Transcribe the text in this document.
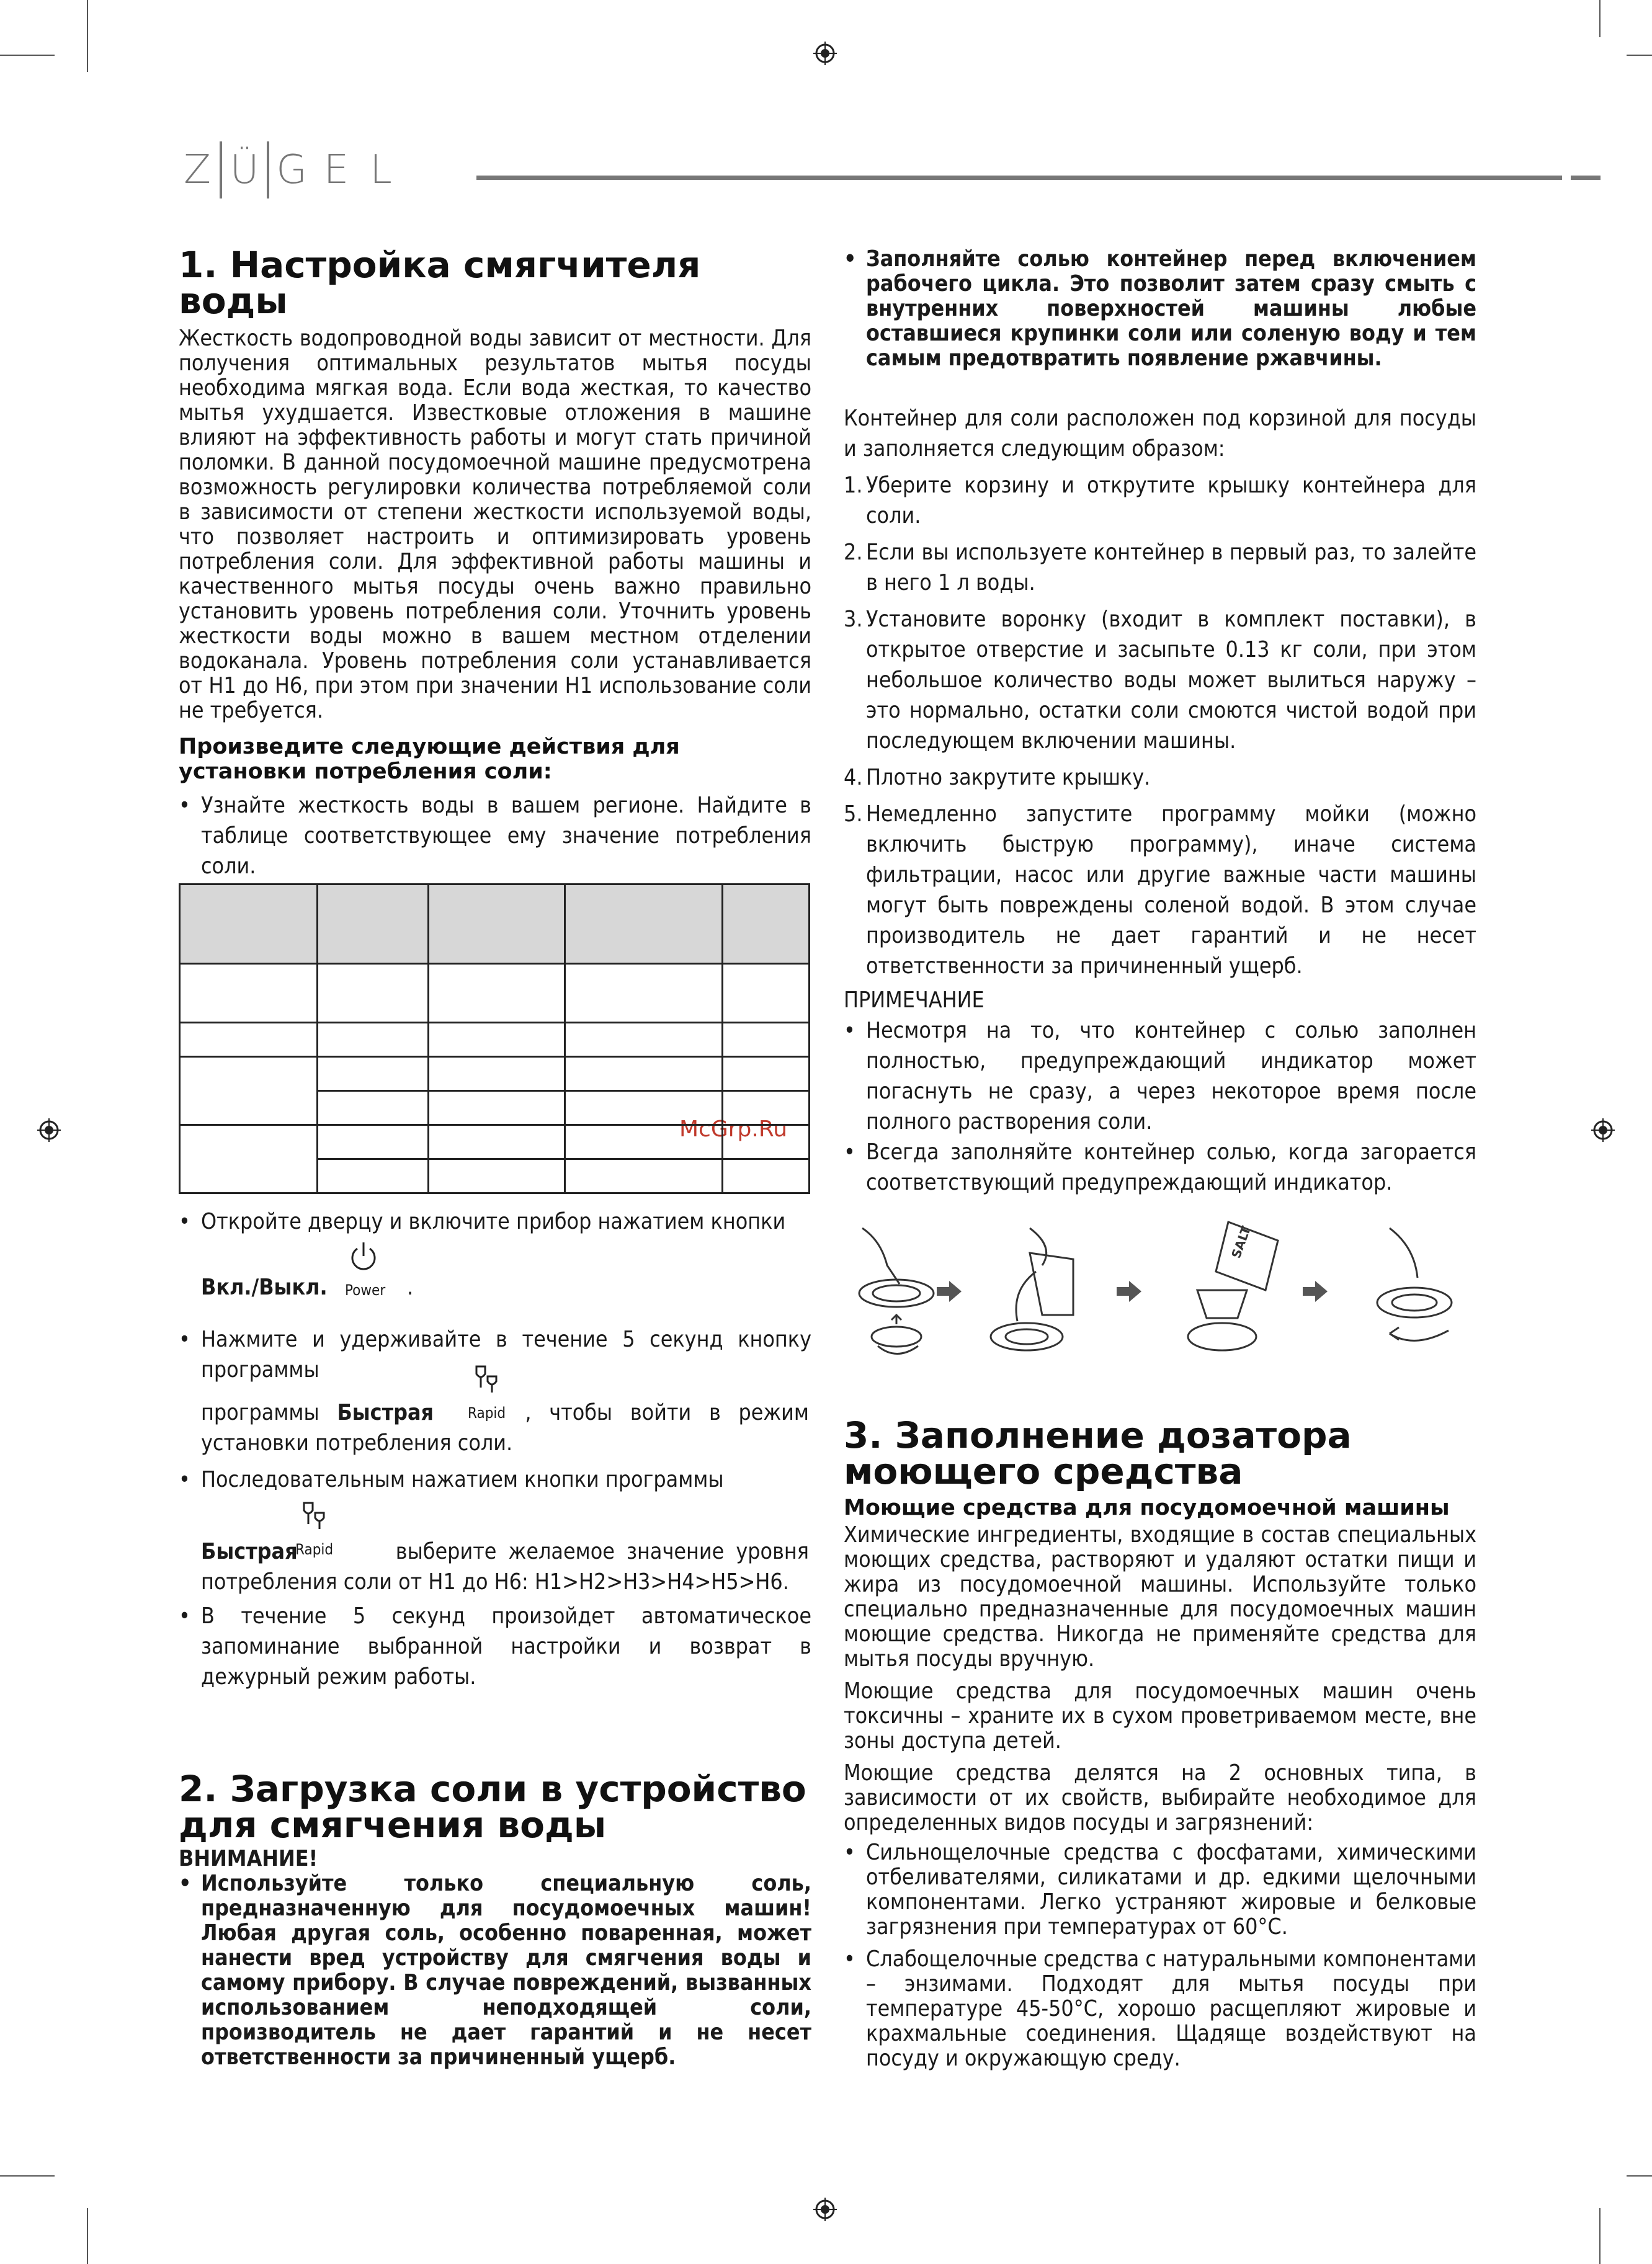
Z Ü G E L
McGrp.Ru
1. Настройка смягчителя воды

Жесткость водопроводной воды зависит от местности. Для получения оптимальных результатов мытья посуды необходима мягкая вода. Если вода жесткая, то качество мытья ухудшается. Известковые отложения в машине влияют на эффективность работы и могут стать причиной поломки. В данной посудомоечной машине предусмотрена возможность регулировки количества потребляемой соли в зависимости от степени жесткости используемой воды, что позволяет настроить и оптимизировать уровень потребления соли. Для эффективной работы машины и качественного мытья посуды очень важно правильно установить уровень потребления соли. Уточнить уровень жесткости воды можно в вашем местном отделении водоканала. Уровень потребления соли устанавливается от H1 до H6, при этом при значении H1 использование соли не требуется.

Произведите следующие действия для установки потребления соли:
• Узнайте жесткость воды в вашем регионе. Найдите в таблице соответствующее ему значение потребления соли.

• Откройте дверцу и включите прибор нажатием кнопки
Вкл./Выкл. Power .
• Нажмите и удерживайте в течение 5 секунд кнопку программы
Rapid
программы Быстрая	, чтобы войти в режим установки потребления соли.
• Последовательным нажатием кнопки программы
Rapid
Быстрая	выберите желаемое значение уровня потребления соли от H1 до H6: H1>H2>H3>H4>H5>H6.
• В течение 5 секунд произойдет автоматическое запоминание выбранной настройки и возврат в дежурный режим работы.
2. Загрузка соли в устройство для смягчения воды
ВНИМАНИЕ!
• Используйте только специальную соль, предназначенную для посудомоечных машин! Любая другая соль, особенно поваренная, может нанести вред устройству для смягчения воды и самому прибору. В случае повреждений, вызванных использованием неподходящей соли, производитель не дает гарантий и не несет ответственности за причиненный ущерб.
• Заполняйте солью контейнер перед включением рабочего цикла. Это позволит затем сразу смыть с внутренних поверхностей машины любые оставшиеся крупинки соли или соленую воду и тем самым предотвратить появление ржавчины.

Контейнер для соли расположен под корзиной для посуды и заполняется следующим образом:

1. Уберите корзину и открутите крышку контейнера для соли.
2. Если вы используете контейнер в первый раз, то залейте в него 1 л воды.
3. Установите воронку (входит в комплект поставки), в открытое отверстие и засыпьте 0.13 кг соли, при этом небольшое количество воды может вылиться наружу – это нормально, остатки соли смоются чистой водой при последующем включении машины.
4. Плотно закрутите крышку.
5. Немедленно запустите программу мойки (можно включить быструю программу), иначе система фильтрации, насос или другие важные части машины могут быть повреждены соленой водой. В этом случае производитель не дает гарантий и не несет ответственности за причиненный ущерб.
ПРИМЕЧАНИЕ
• Несмотря на то, что контейнер с солью заполнен полностью, предупреждающий индикатор может погаснуть не сразу, а через некоторое время после полного растворения соли.
• Всегда заполняйте контейнер солью, когда загорается соответствующий предупреждающий индикатор.
SALT
3. Заполнение дозатора моющего средства
Моющие средства для посудомоечной машины

Химические ингредиенты, входящие в состав специальных моющих средства, растворяют и удаляют остатки пищи и жира из посудомоечной машины. Используйте только специально предназначенные для посудомоечных машин моющие средства. Никогда не применяйте средства для мытья посуды вручную.

Моющие средства для посудомоечных машин очень токсичны – храните их в сухом проветриваемом месте, вне зоны доступа детей.

Моющие средства делятся на 2 основных типа, в зависимости от их свойств, выбирайте необходимое для определенных видов посуды и загрязнений:

• Сильнощелочные средства с фосфатами, химическими отбеливателями, силикатами и др. едкими щелочными компонентами. Легко устраняют жировые и белковые загрязнения при температурах от 60°С.
• Слабощелочные средства с натуральными компонентами – энзимами. Подходят для мытья посуды при температуре 45-50°С, хорошо расщепляют жировые и крахмальные соединения. Щадяще воздействуют на посуду и окружающую среду.
